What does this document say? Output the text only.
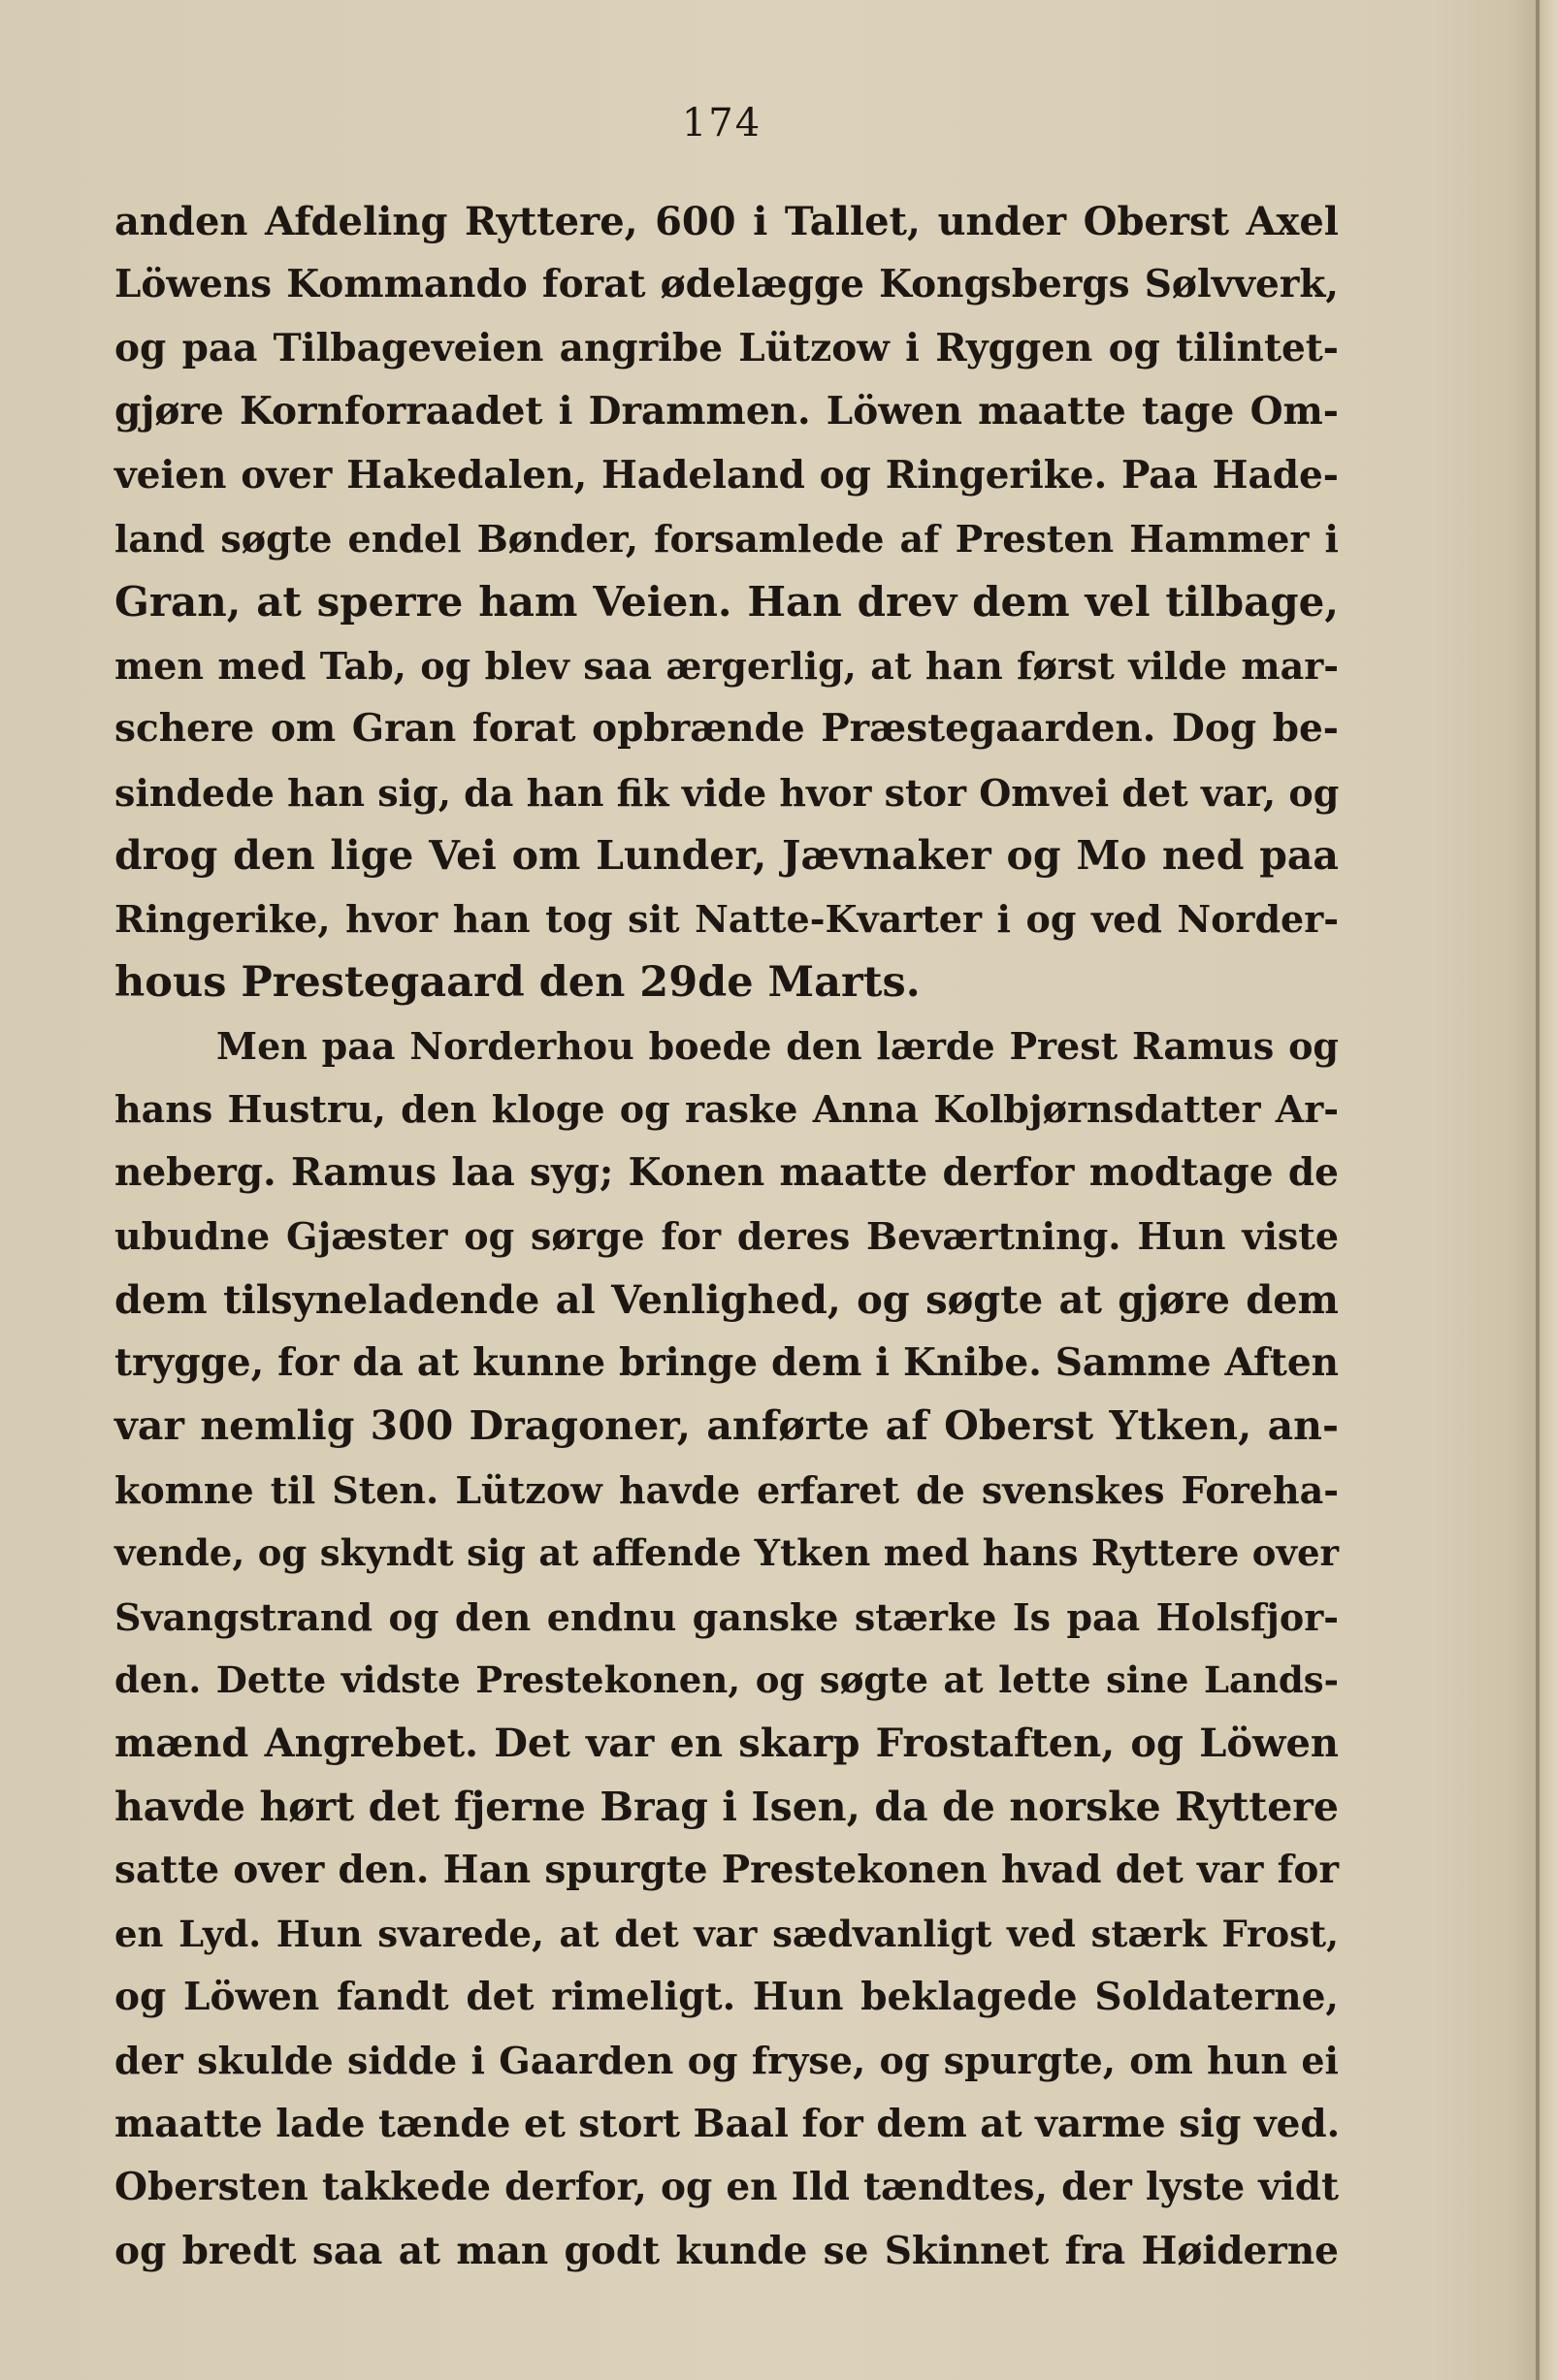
174
anden Afdeling Ryttere, 600 i Tallet, under Oberst Axel
Löwens Kommando forat ødelægge Kongsbergs Sølvverk,
og paa Tilbageveien angribe Lützow i Ryggen og tilintet-
gjøre Kornforraadet i Drammen. Löwen maatte tage Om-
veien over Hakedalen, Hadeland og Ringerike. Paa Hade-
land søgte endel Bønder, forsamlede af Presten Hammer i
Gran, at sperre ham Veien. Han drev dem vel tilbage,
men med Tab, og blev saa ærgerlig, at han først vilde mar-
schere om Gran forat opbrænde Præstegaarden. Dog be-
sindede han sig, da han fik vide hvor stor Omvei det var, og
drog den lige Vei om Lunder, Jævnaker og Mo ned paa
Ringerike, hvor han tog sit Natte-Kvarter i og ved Norder-
hous Prestegaard den 29de Marts.
Men paa Norderhou boede den lærde Prest Ramus og
hans Hustru, den kloge og raske Anna Kolbjørnsdatter Ar-
neberg. Ramus laa syg; Konen maatte derfor modtage de
ubudne Gjæster og sørge for deres Beværtning. Hun viste
dem tilsyneladende al Venlighed, og søgte at gjøre dem
trygge, for da at kunne bringe dem i Knibe. Samme Aften
var nemlig 300 Dragoner, anførte af Oberst Ytken, an-
komne til Sten. Lützow havde erfaret de svenskes Foreha-
vende, og skyndt sig at affende Ytken med hans Ryttere over
Svangstrand og den endnu ganske stærke Is paa Holsfjor-
den. Dette vidste Prestekonen, og søgte at lette sine Lands-
mænd Angrebet. Det var en skarp Frostaften, og Löwen
havde hørt det fjerne Brag i Isen, da de norske Ryttere
satte over den. Han spurgte Prestekonen hvad det var for
en Lyd. Hun svarede, at det var sædvanligt ved stærk Frost,
og Löwen fandt det rimeligt. Hun beklagede Soldaterne,
der skulde sidde i Gaarden og fryse, og spurgte, om hun ei
maatte lade tænde et stort Baal for dem at varme sig ved.
Obersten takkede derfor, og en Ild tændtes, der lyste vidt
og bredt saa at man godt kunde se Skinnet fra Høiderne
